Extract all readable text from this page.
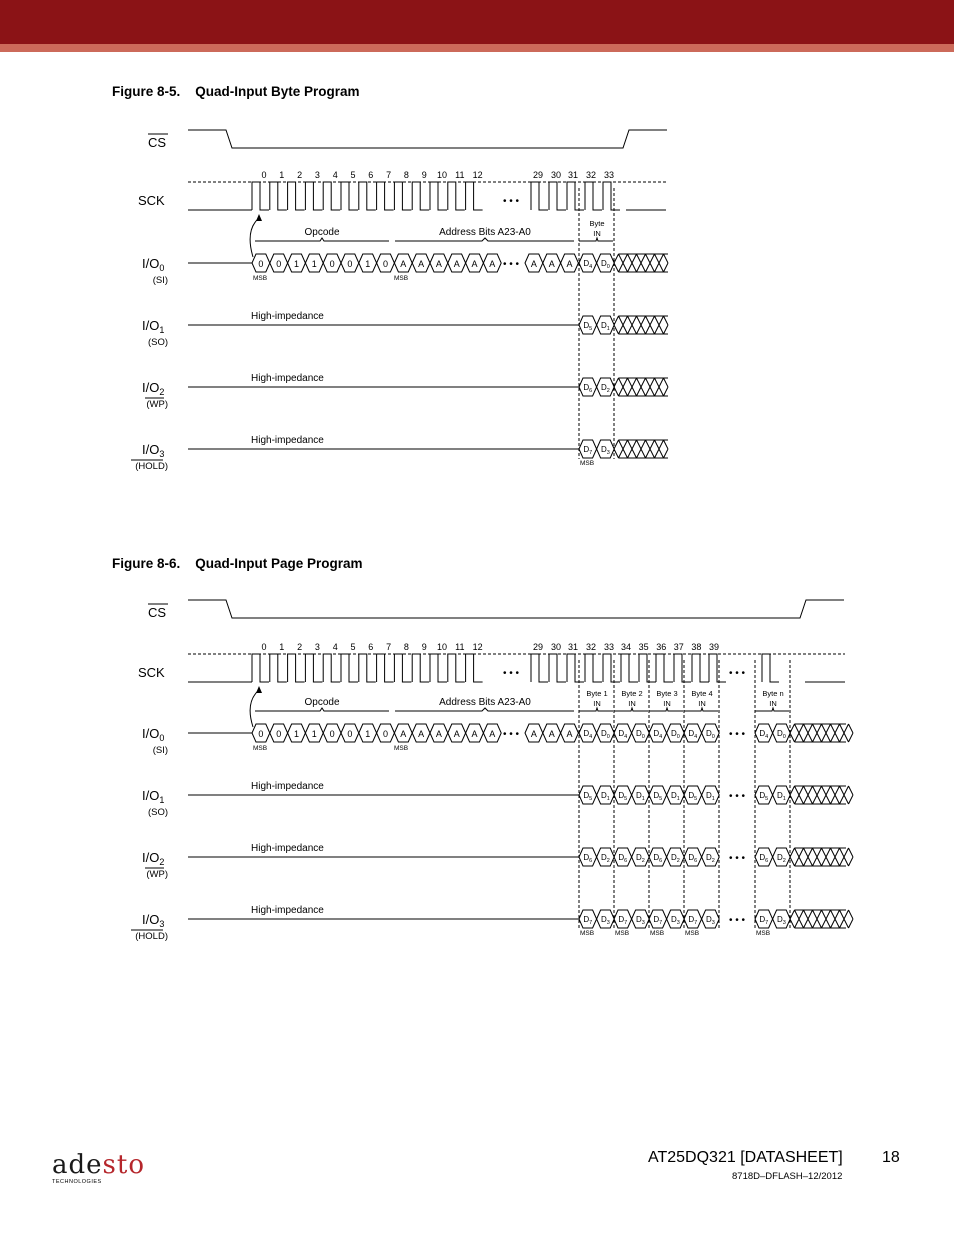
Figure 8-5.    Quad-Input Byte Program
CS
SCK
$I/O_0$
(SI)
$I/O_1$
(SO)
$I/O_2$
(WP)
$I/O_3$
(HOLD)
0 1 2 3 4 5 6 7 8 9 10 11 12	29 30 31 32 33
• • •
Opcode	Address Bits A23-A0
Byte
IN
0 0 1 1 0 0 1 0 A A A A A A • • • A A A
MSB	MSB
$D_4$ $D_0$
High-impedance
$D_5$ $D_1$
High-impedance
$D_6$ $D_2$
High-impedance
$D_7$ $D_3$
MSB
Figure 8-6.    Quad-Input Page Program
CS
SCK
$I/O_0$
(SI)
$I/O_1$
(SO)
$I/O_2$
(WP)
$I/O_3$
(HOLD)
0 1 2 3 4 5 6 7 8 9 10 11 12	29 30 31 32 33 34 35 36 37 38 39
• • •	• • •
Opcode	Address Bits A23-A0
Byte 1
IN
Byte 2
IN
Byte 3
IN
Byte 4
IN
Byte n
IN
0 0 1 1 0 0 1 0 A A A A A A • • • A A A
MSB	MSB
$D_4$ $D_0$ $D_4$ $D_0$ $D_4$ $D_0$ $D_4$ $D_0$	$D_4$ $D_0$
• • •
High-impedance
$D_5$ $D_1$ $D_5$ $D_1$ $D_5$ $D_1$ $D_5$ $D_1$	$D_5$ $D_1$
• • •
High-impedance
$D_6$ $D_2$ $D_6$ $D_2$ $D_6$ $D_2$ $D_6$ $D_2$	$D_6$ $D_2$
• • •
High-impedance
$D_7$ $D_3$ $D_7$ $D_3$ $D_7$ $D_3$ $D_7$ $D_3$	$D_7$ $D_3$
• • •
MSB	MSB	MSB	MSB	MSB
adesto
TECHNOLOGIES
AT25DQ321 [DATASHEET] 18
8718D–DFLASH–12/2012
